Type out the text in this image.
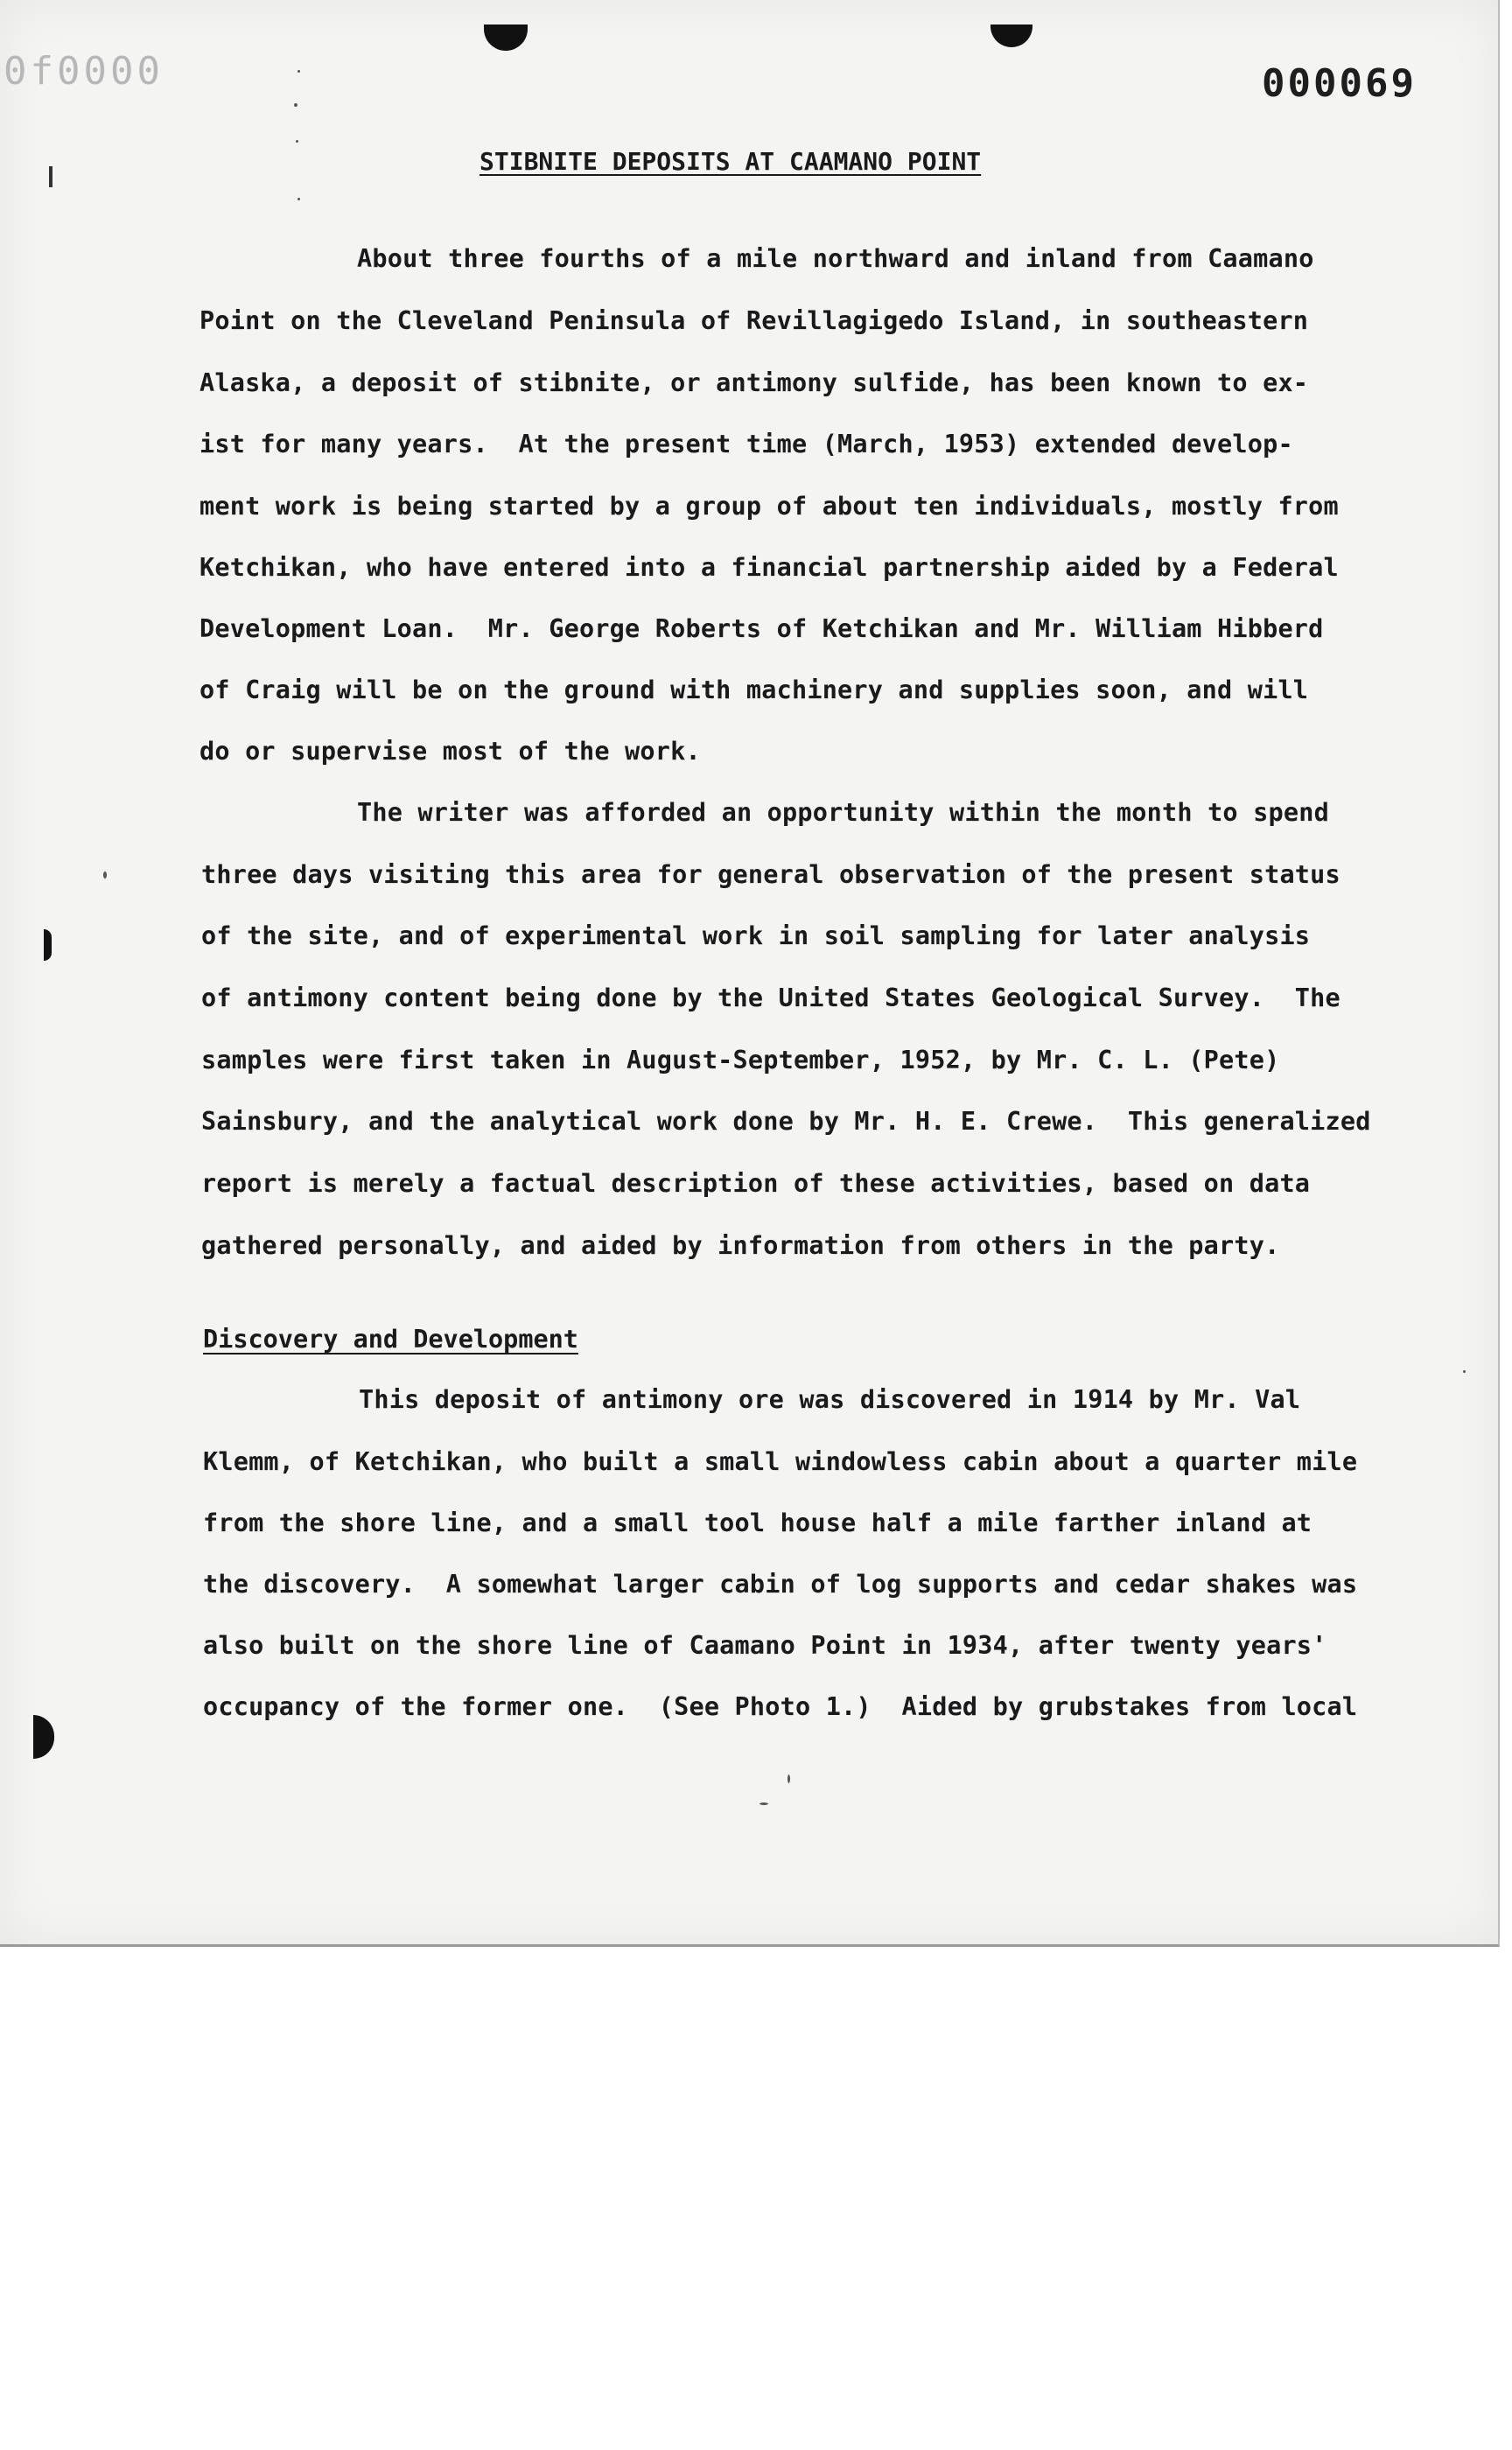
0f0000	000069
STIBNITE DEPOSITS AT CAAMANO POINT

About three fourths of a mile northward and inland from Caamano

Point on the Cleveland Peninsula of Revillagigedo Island, in southeastern

Alaska, a deposit of stibnite, or antimony sulfide, has been known to ex-

ist for many years.  At the present time (March, 1953) extended develop-

ment work is being started by a group of about ten individuals, mostly from

Ketchikan, who have entered into a financial partnership aided by a Federal

Development Loan.  Mr. George Roberts of Ketchikan and Mr. William Hibberd

of Craig will be on the ground with machinery and supplies soon, and will

do or supervise most of the work.

The writer was afforded an opportunity within the month to spend

three days visiting this area for general observation of the present status

of the site, and of experimental work in soil sampling for later analysis

of antimony content being done by the United States Geological Survey.  The

samples were first taken in August-September, 1952, by Mr. C. L. (Pete)

Sainsbury, and the analytical work done by Mr. H. E. Crewe.  This generalized

report is merely a factual description of these activities, based on data

gathered personally, and aided by information from others in the party.

Discovery and Development

This deposit of antimony ore was discovered in 1914 by Mr. Val

Klemm, of Ketchikan, who built a small windowless cabin about a quarter mile

from the shore line, and a small tool house half a mile farther inland at

the discovery.  A somewhat larger cabin of log supports and cedar shakes was

also built on the shore line of Caamano Point in 1934, after twenty years'

occupancy of the former one.  (See Photo 1.)  Aided by grubstakes from local
